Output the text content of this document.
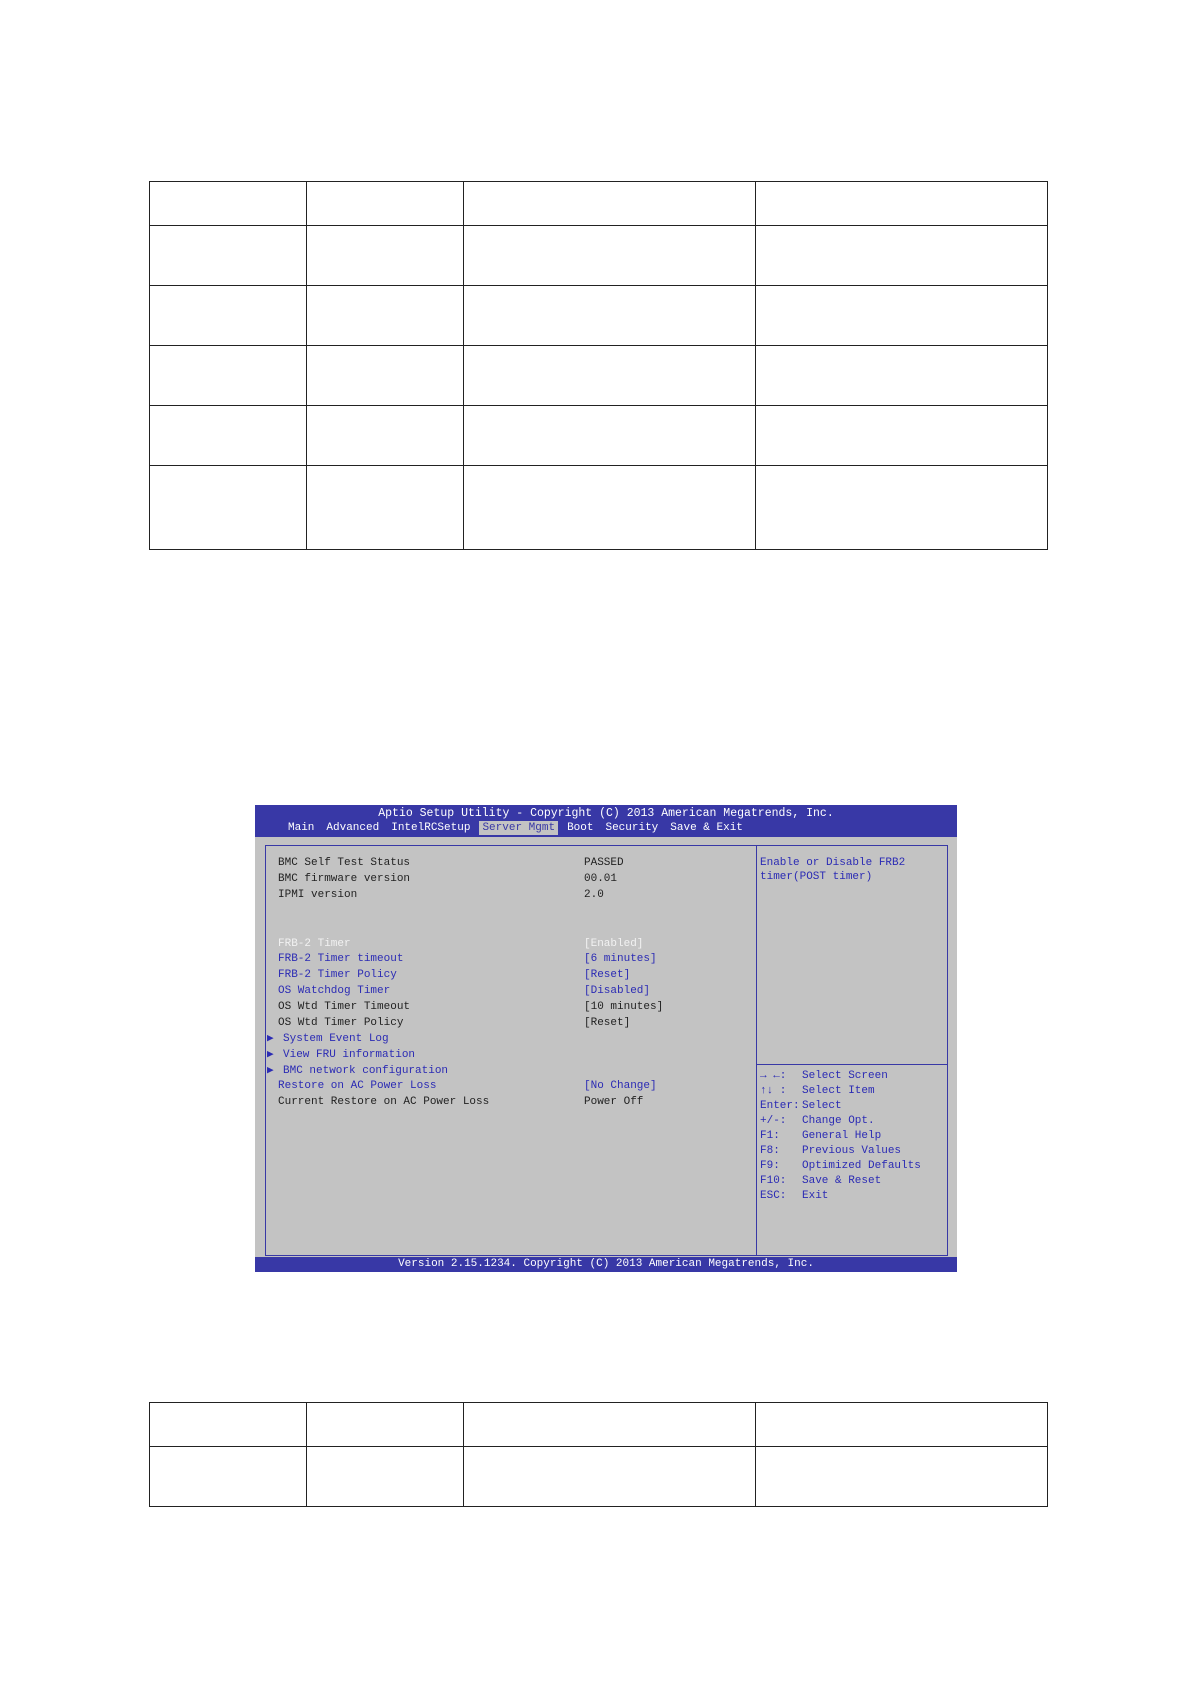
Aptio Setup Utility - Copyright (C) 2013 American Megatrends, Inc.
Main Advanced IntelRCSetup Server Mgmt Boot Security Save & Exit
BMC Self Test Status	PASSED
BMC firmware version	00.01
IPMI version	2.0
FRB-2 Timer	[Enabled]
FRB-2 Timer timeout	[6 minutes]
FRB-2 Timer Policy	[Reset]
OS Watchdog Timer	[Disabled]
OS Wtd Timer Timeout	[10 minutes]
OS Wtd Timer Policy	[Reset]
▶ System Event Log
▶ View FRU information
▶ BMC network configuration
Restore on AC Power Loss	[No Change]
Current Restore on AC Power Loss	Power Off
Enable or Disable FRB2 timer(POST timer)
→ ←: Select Screen
↑↓ : Select Item
Enter: Select
+/-: Change Opt.
F1: General Help
F8: Previous Values
F9: Optimized Defaults
F10: Save & Reset
ESC: Exit
Version 2.15.1234. Copyright (C) 2013 American Megatrends, Inc.
